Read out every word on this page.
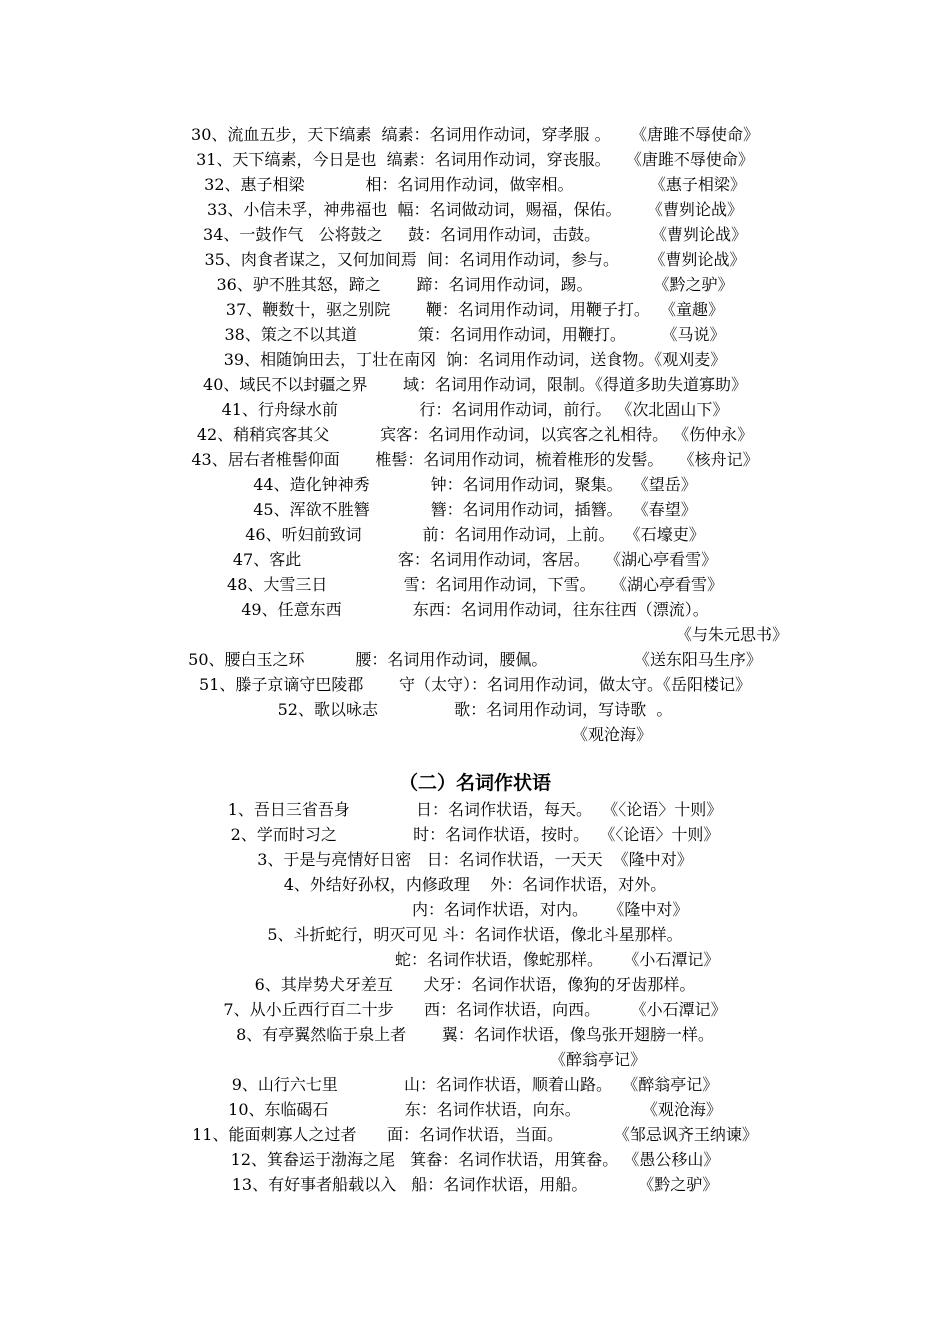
30、流血五步，天下缟素  缟素：名词用作动词，穿孝服 。    《唐雎不辱使命》
31、天下缟素，今日是也  缟素：名词用作动词，穿丧服。   《唐雎不辱使命》
32、惠子相梁            相：名词用作动词，做宰相。               《惠子相梁》
33、小信未孚，神弗福也  幅：名词做动词，赐福，保佑。     《曹刿论战》
34、一鼓作气   公将鼓之     鼓：名词用作动词，击鼓。          《曹刿论战》
35、肉食者谋之，又何加间焉  间：名词用作动词，参与。      《曹刿论战》
36、驴不胜其怒，蹄之       蹄：名词用作动词，踢。            《黔之驴》
37、鞭数十，驱之别院       鞭：名词用作动词，用鞭子打。  《童趣》
38、策之不以其道            策：名词用作动词，用鞭打。       《马说》
39、相随饷田去，丁壮在南冈  饷：名词用作动词，送食物。《观刈麦》
40、域民不以封疆之界       域：名词用作动词，限制。《得道多助失道寡助》
41、行舟绿水前                行：名词用作动词，前行。 《次北固山下》
42、稍稍宾客其父          宾客：名词用作动词，以宾客之礼相待。 《伤仲永》
43、居右者椎髻仰面       椎髻：名词用作动词，梳着椎形的发髻。   《核舟记》
44、造化钟神秀            钟：名词用作动词，聚集。  《望岳》
45、浑欲不胜簪            簪：名词用作动词，插簪。  《春望》
46、听妇前致词            前：名词用作动词，上前。  《石壕吏》
47、客此                   客：名词用作动词，客居。   《湖心亭看雪》
48、大雪三日               雪：名词用作动词，下雪。   《湖心亭看雪》
49、任意东西              东西：名词用作动词，往东往西（漂流）。
《与朱元思书》
50、腰白玉之环          腰：名词用作动词，腰佩。                 《送东阳马生序》
51、滕子京谪守巴陵郡       守（太守）：名词用作动词，做太守。《岳阳楼记》
52、歌以咏志               歌：名词用作动词，写诗歌  。
《观沧海》
（二）名词作状语
1、吾日三省吾身             日：名词作状语，每天。  《〈论语〉十则》
2、学而时习之               时：名词作状语，按时。  《〈论语〉十则》
3、于是与亮情好日密   日：名词作状语，一天天  《隆中对》
4、外结好孙权，内修政理    外：名词作状语，对外。
内：名词作状语，对内。    《隆中对》
5、斗折蛇行，明灭可见 斗：名词作状语，像北斗星那样。
蛇：名词作状语，像蛇那样。    《小石潭记》
6、其岸势犬牙差互      犬牙：名词作状语，像狗的牙齿那样。
7、从小丘西行百二十步      西：名词作状语，向西。      《小石潭记》
8、有亭翼然临于泉上者       翼：名词作状语，像鸟张开翅膀一样。
《醉翁亭记》
9、山行六七里             山：名词作状语，顺着山路。  《醉翁亭记》
10、东临碣石               东：名词作状语，向东。            《观沧海》
11、能面刺寡人之过者      面：名词作状语，当面。          《邹忌讽齐王纳谏》
12、箕畚运于渤海之尾   箕畚：名词作状语，用箕畚。 《愚公移山》
13、有好事者船载以入   船：名词作状语，用船。          《黔之驴》
